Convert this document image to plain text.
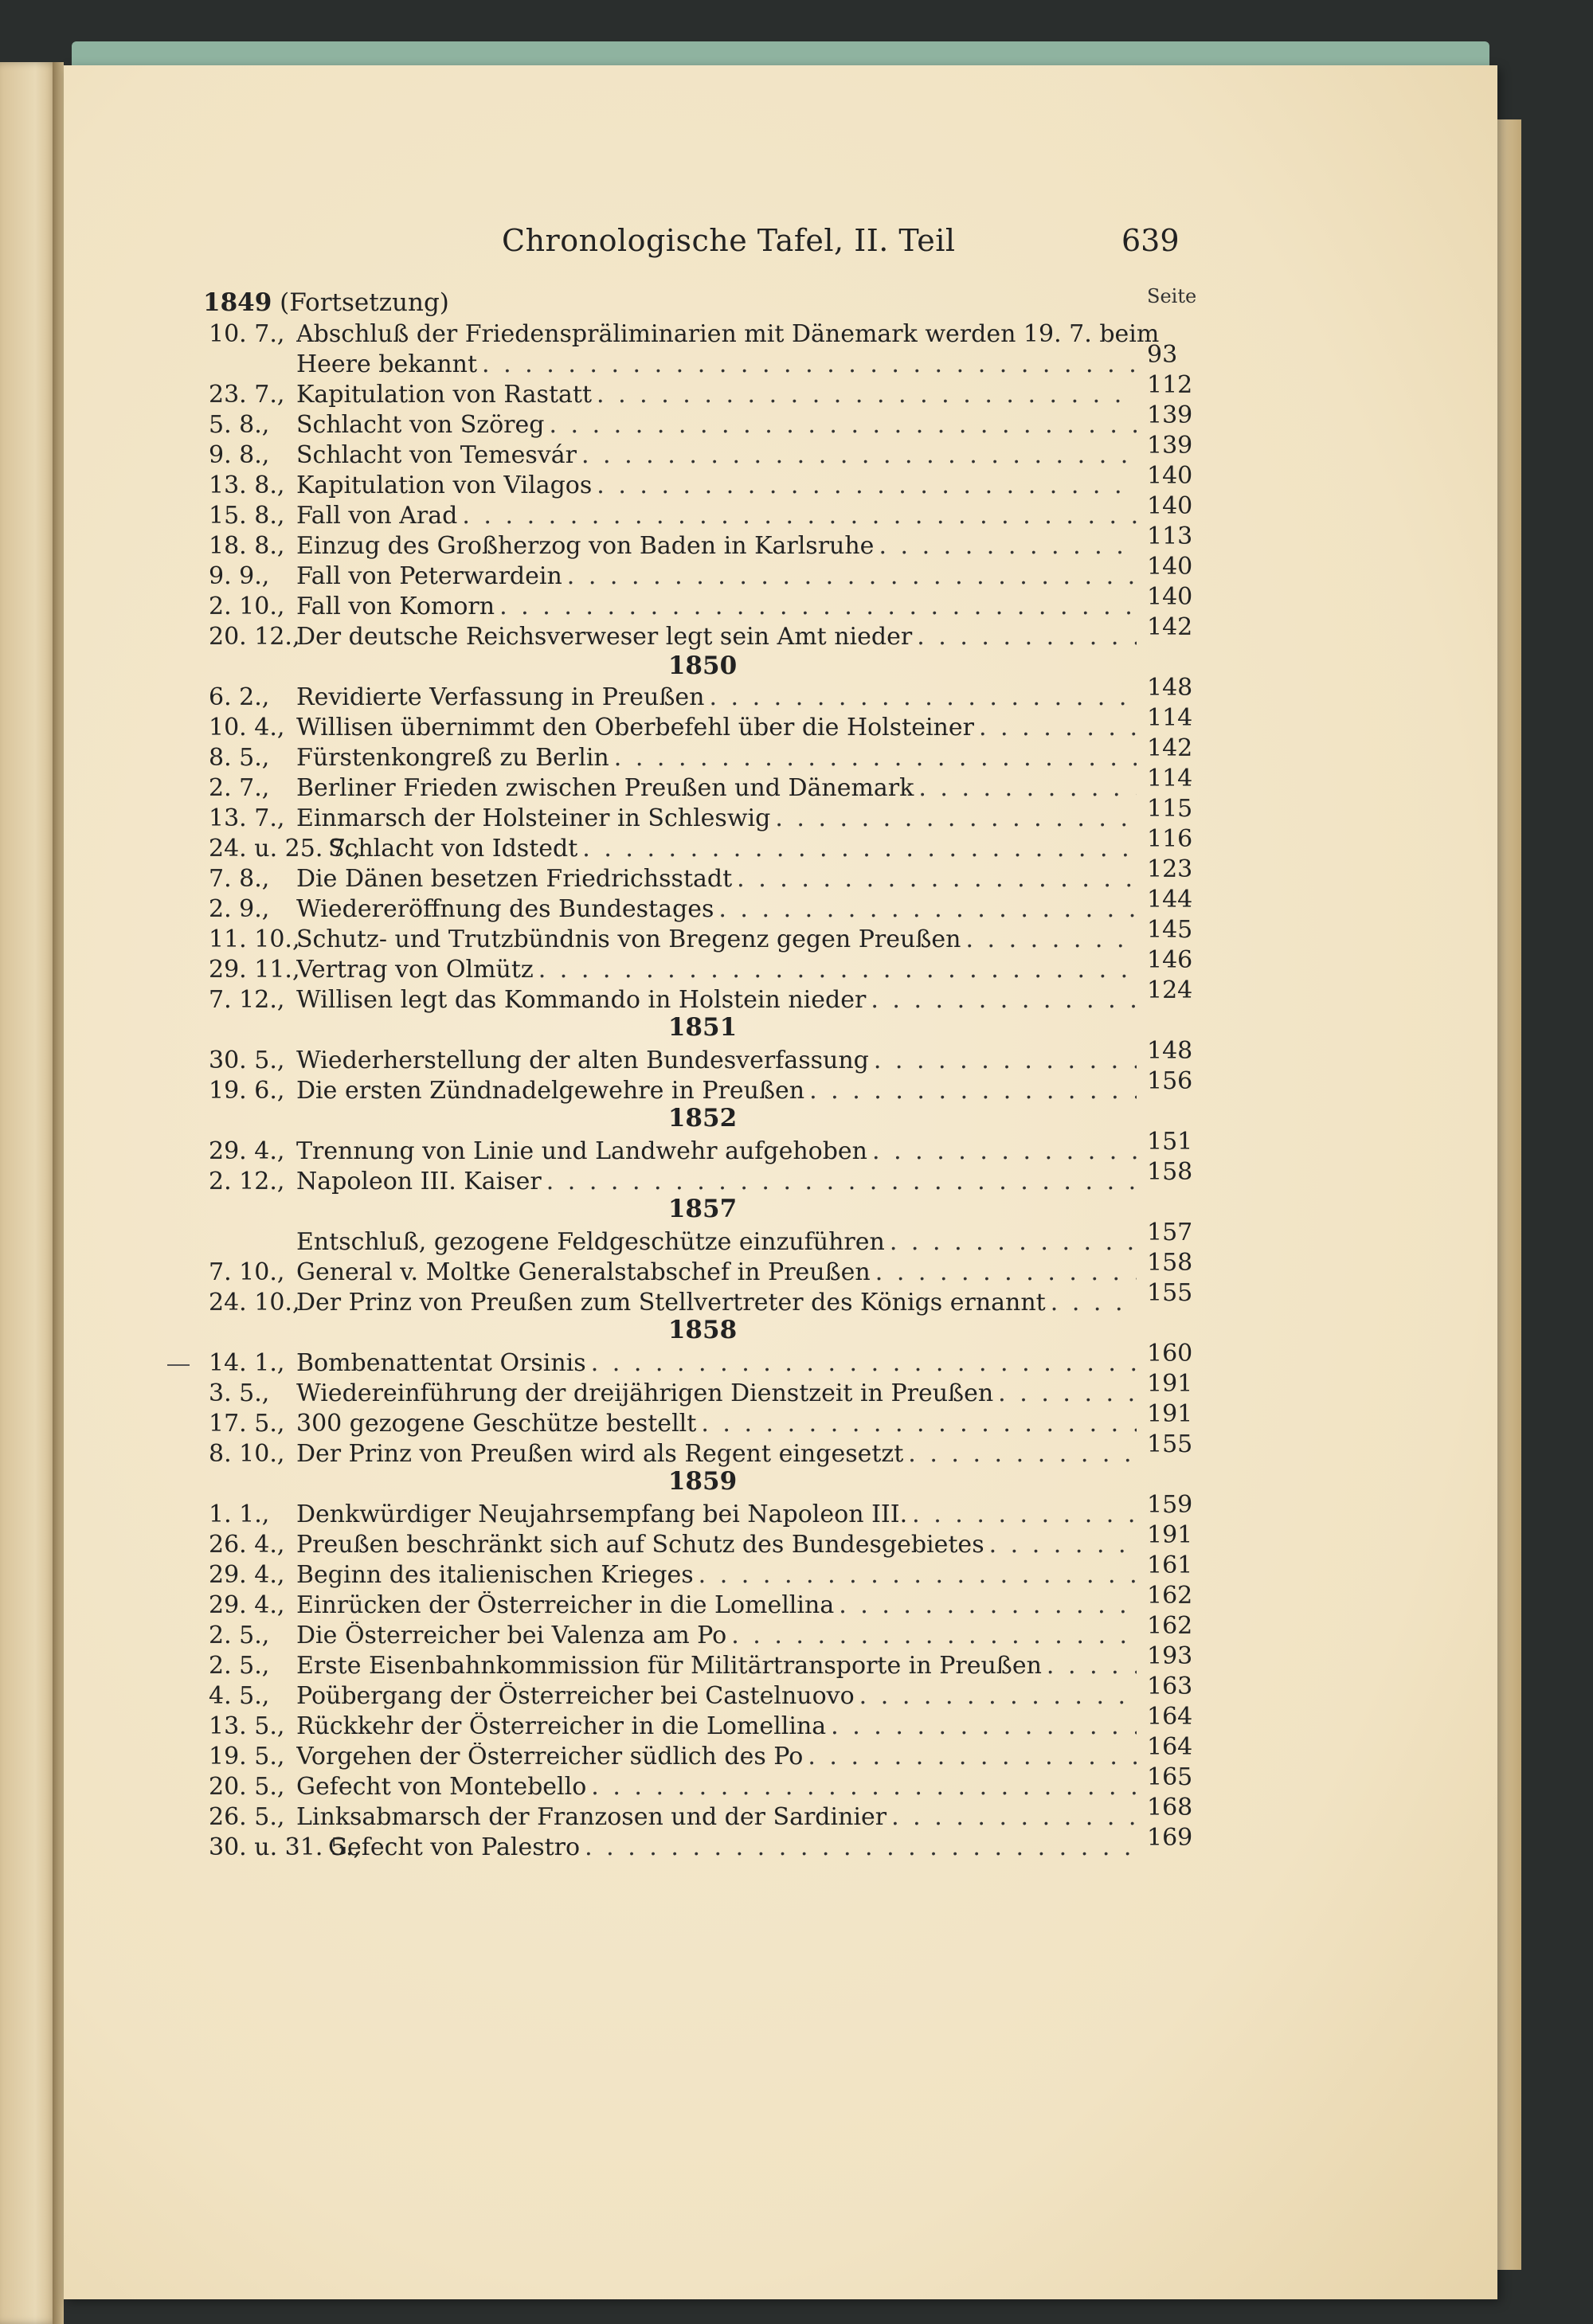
Chronologische Tafel, II. Teil	639
Seite
1849 (Fortsetzung)
10. 7., Abschluß der Friedenspräliminarien mit Dänemark werden 19. 7. beim
Heere bekannt . . .	93
23. 7., Kapitulation von Rastatt . . .	112
5. 8., Schlacht von Szöreg . . .	139
9. 8., Schlacht von Temesvár . . .	139
13. 8., Kapitulation von Vilagos . . .	140
15. 8., Fall von Arad . . .	140
18. 8., Einzug des Großherzog von Baden in Karlsruhe . . .	113
9. 9., Fall von Peterwardein . . .	140
2. 10., Fall von Komorn . . .	140
20. 12.,
Der deutsche Reichsverweser legt sein Amt nieder . . .	142
1850
6. 2., Revidierte Verfassung in Preußen . . .	148
10. 4., Willisen übernimmt den Oberbefehl über die Holsteiner . . .	114
8. 5., Fürstenkongreß zu Berlin . . .	142
2. 7., Berliner Frieden zwischen Preußen und Dänemark . . .	114
13. 7., Einmarsch der Holsteiner in Schleswig . . .	115
24. u. 25. 7.,
Schlacht von Idstedt . . .	116
7. 8., Die Dänen besetzen Friedrichsstadt . . .	123
2. 9., Wiedereröffnung des Bundestages . . .	144
11. 10.,
Schutz- und Trutzbündnis von Bregenz gegen Preußen . . .	145
29. 11.,
Vertrag von Olmütz . . .	146
7. 12., Willisen legt das Kommando in Holstein nieder . . .	124
1851
30. 5., Wiederherstellung der alten Bundesverfassung . . .	148
19. 6., Die ersten Zündnadelgewehre in Preußen . . .	156
1852
29. 4., Trennung von Linie und Landwehr aufgehoben . . .	151
2. 12., Napoleon III. Kaiser . . .	158
1857
Entschluß, gezogene Feldgeschütze einzuführen . . .	157
7. 10., General v. Moltke Generalstabschef in Preußen . . .	158
24. 10.,
Der Prinz von Preußen zum Stellvertreter des Königs ernannt . . .	155
1858
14. 1., Bombenattentat Orsinis . . .	160
3. 5., Wiedereinführung der dreijährigen Dienstzeit in Preußen . . .	191
17. 5., 300 gezogene Geschütze bestellt . . .	191
8. 10., Der Prinz von Preußen wird als Regent eingesetzt . . .	155
1859
1. 1., Denkwürdiger Neujahrsempfang bei Napoleon III. . . .	159
26. 4., Preußen beschränkt sich auf Schutz des Bundesgebietes . . .	191
29. 4., Beginn des italienischen Krieges . . .	161
29. 4., Einrücken der Österreicher in die Lomellina . . .	162
2. 5., Die Österreicher bei Valenza am Po . . .	162
2. 5., Erste Eisenbahnkommission für Militärtransporte in Preußen . . .	193
4. 5., Poübergang der Österreicher bei Castelnuovo . . .	163
13. 5., Rückkehr der Österreicher in die Lomellina . . .	164
19. 5., Vorgehen der Österreicher südlich des Po . . .	164
20. 5., Gefecht von Montebello . . .	165
26. 5., Linksabmarsch der Franzosen und der Sardinier . . .	168
30. u. 31. 5.,
Gefecht von Palestro . . .	169
